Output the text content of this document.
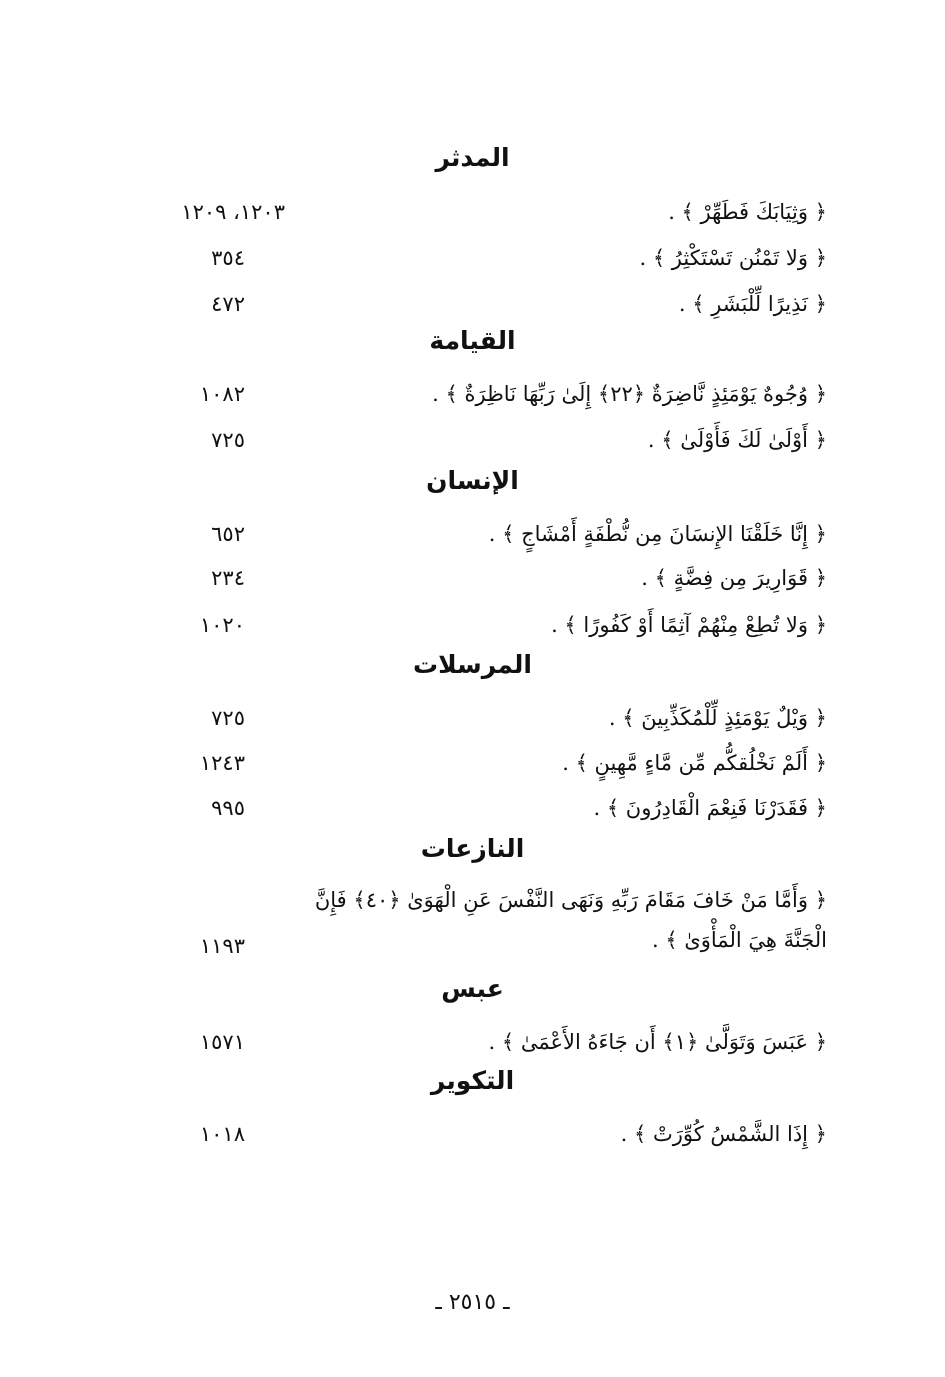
المدثر
﴿ وَثِيَابَكَ فَطَهِّرْ ﴾ .
١٢٠٣، ١٢٠٩
﴿ وَلا تَمْنُن تَسْتَكْثِرُ ﴾ .
٣٥٤
﴿ نَذِيرًا لِّلْبَشَرِ ﴾ .
٤٧٢
القيامة
﴿ وُجُوهٌ يَوْمَئِذٍ نَّاضِرَةٌ ﴿٢٢﴾ إِلَىٰ رَبِّهَا نَاظِرَةٌ ﴾ .
١٠٨٢
﴿ أَوْلَىٰ لَكَ فَأَوْلَىٰ ﴾ .
٧٢٥
الإنسان
﴿ إِنَّا خَلَقْنَا الإِنسَانَ مِن نُّطْفَةٍ أَمْشَاجٍ ﴾ .
٦٥٢
﴿ قَوَارِيرَ مِن فِضَّةٍ ﴾ .
٢٣٤
﴿ وَلا تُطِعْ مِنْهُمْ آثِمًا أَوْ كَفُورًا ﴾ .
١٠٢٠
المرسلات
﴿ وَيْلٌ يَوْمَئِذٍ لِّلْمُكَذِّبِينَ ﴾ .
٧٢٥
﴿ أَلَمْ نَخْلُقكُّم مِّن مَّاءٍ مَّهِينٍ ﴾ .
١٢٤٣
﴿ فَقَدَرْنَا فَنِعْمَ الْقَادِرُونَ ﴾ .
٩٩٥
النازعات
﴿ وَأَمَّا مَنْ خَافَ مَقَامَ رَبِّهِ وَنَهَى النَّفْسَ عَنِ الْهَوَىٰ ﴿٤٠﴾ فَإِنَّ الْجَنَّةَ هِيَ الْمَأْوَىٰ ﴾ .
١١٩٣
عبس
﴿ عَبَسَ وَتَوَلَّىٰ ﴿١﴾ أَن جَاءَهُ الأَعْمَىٰ ﴾ .
١٥٧١
التكوير
﴿ إِذَا الشَّمْسُ كُوِّرَتْ ﴾ .
١٠١٨
ـ ٢٥١٥ ـ
